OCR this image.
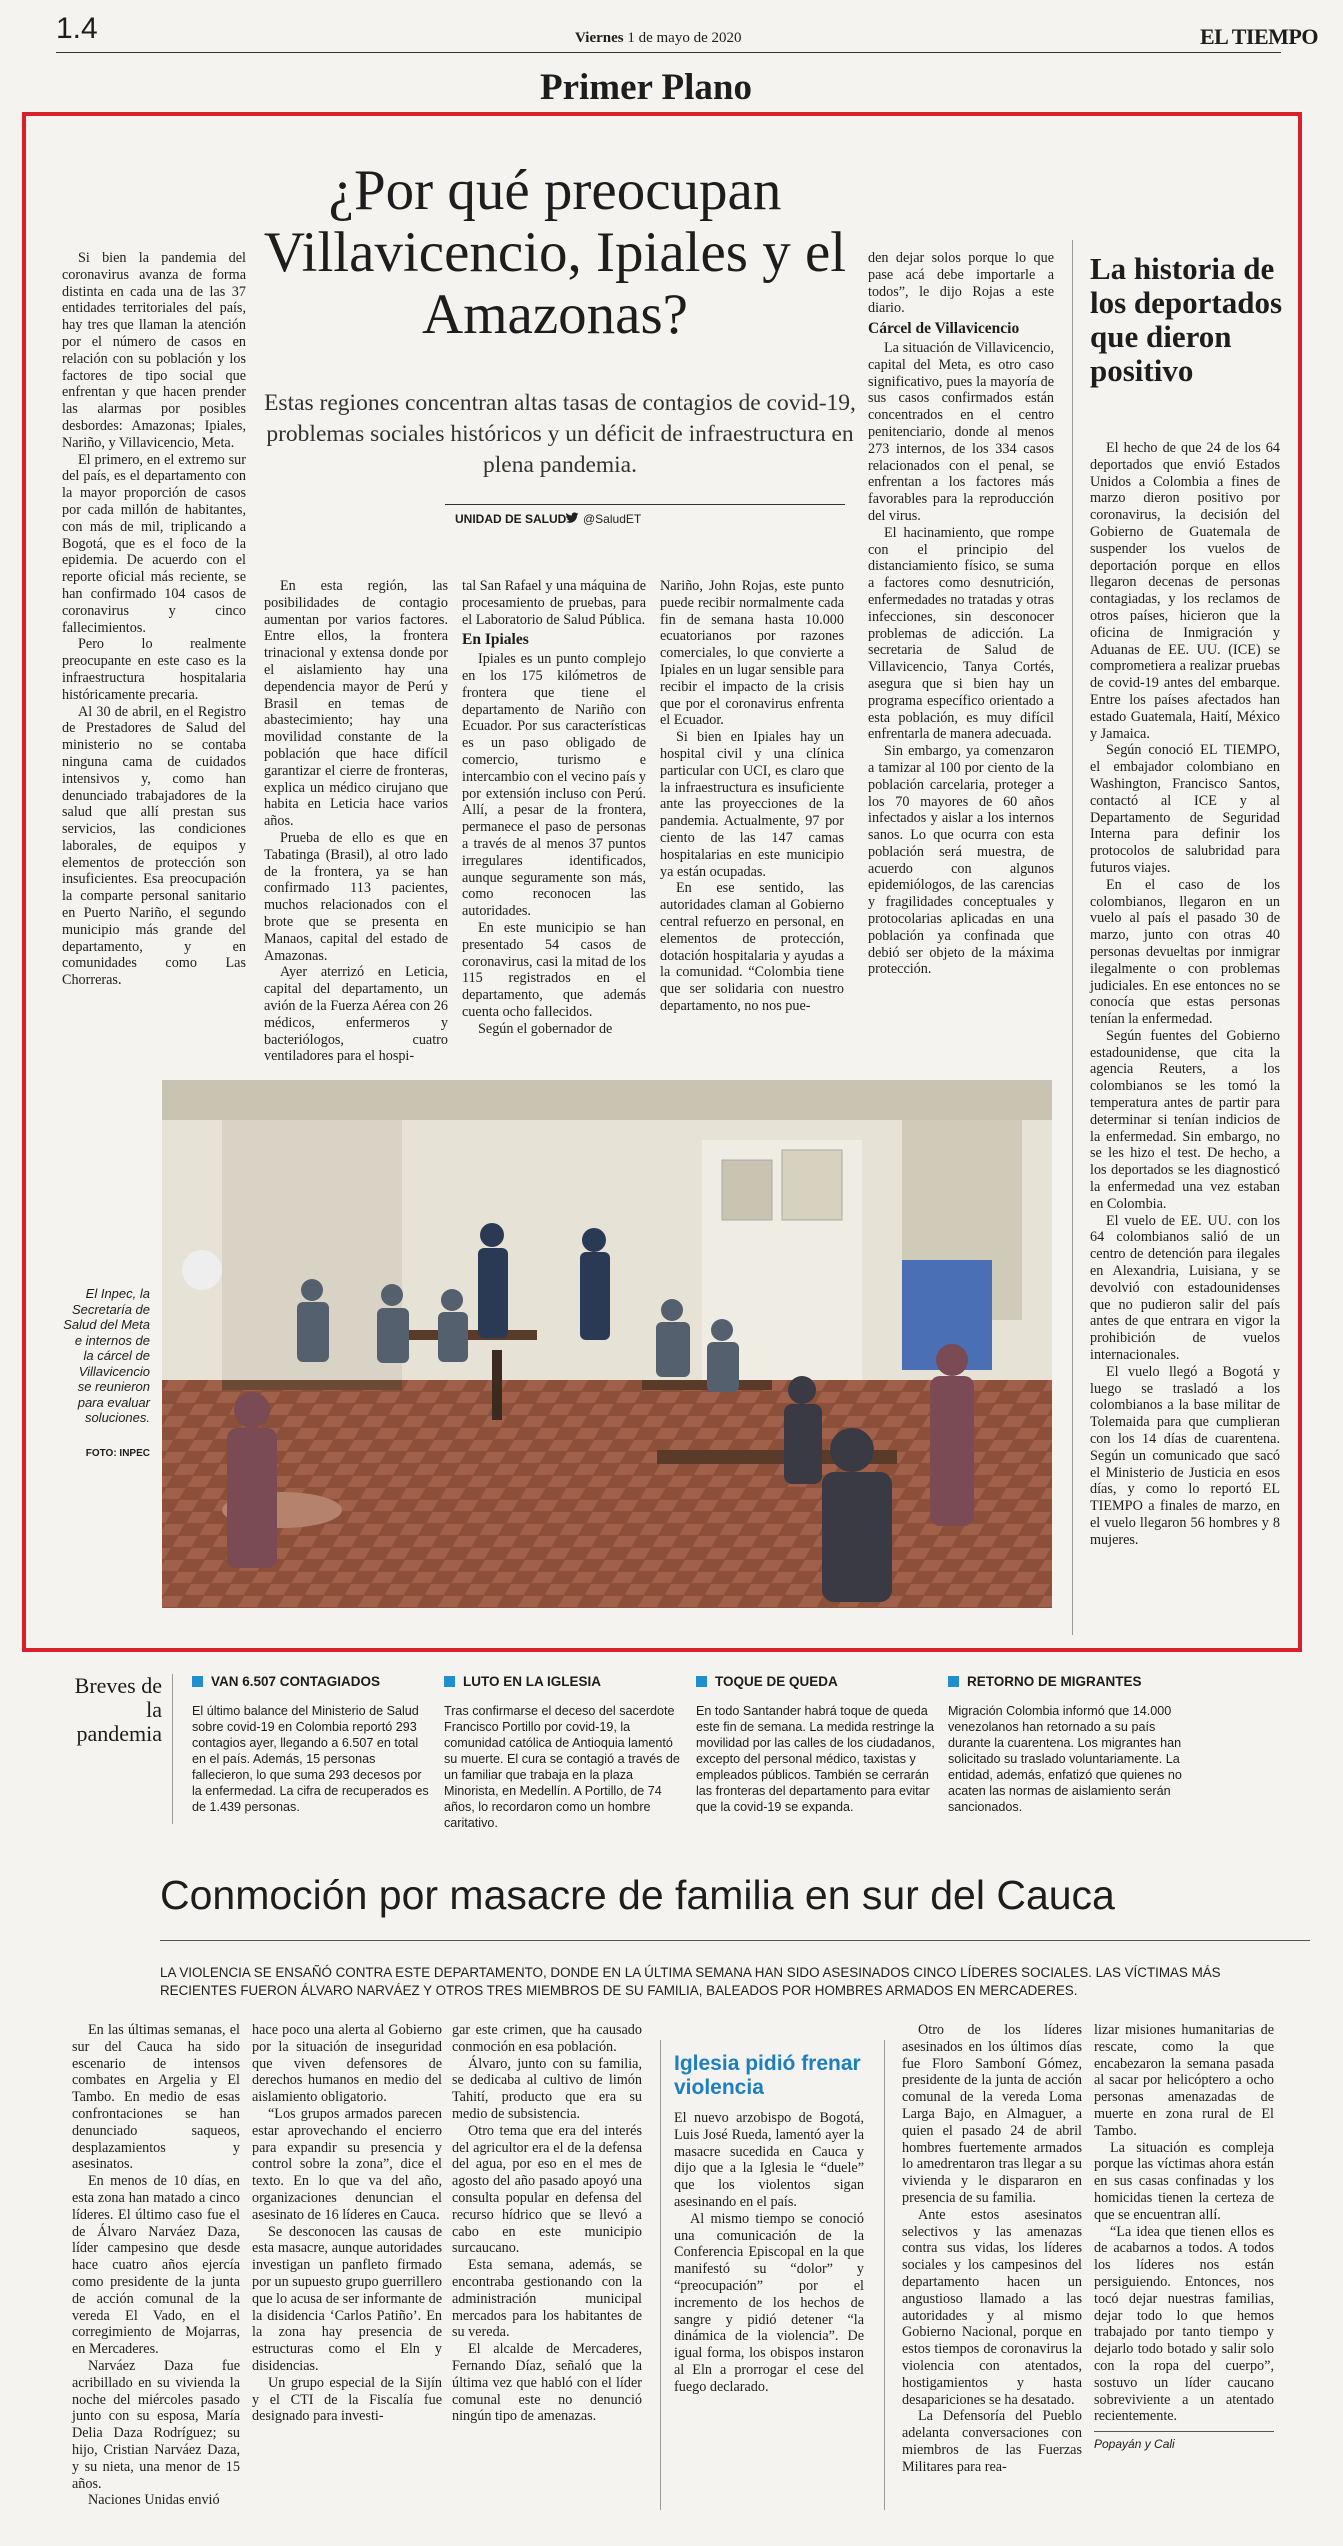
1.4	Viernes 1 de mayo de 2020	EL TIEMPO
Primer Plano
¿Por qué preocupan Villavicencio, Ipiales y el Amazonas?
Estas regiones concentran altas tasas de contagios de covid-19, problemas sociales históricos y un déficit de infraestructura en plena pandemia.
UNIDAD DE SALUD @SaludET

Si bien la pandemia del coronavirus avanza de forma distinta en cada una de las 37 entidades territoriales del país, hay tres que llaman la atención por el número de casos en relación con su población y los factores de tipo social que enfrentan y que hacen prender las alarmas por posibles desbordes: Amazonas; Ipiales, Nariño, y Villavicencio, Meta.

El primero, en el extremo sur del país, es el departamento con la mayor proporción de casos por cada millón de habitantes, con más de mil, triplicando a Bogotá, que es el foco de la epidemia. De acuerdo con el reporte oficial más reciente, se han confirmado 104 casos de coronavirus y cinco fallecimientos.

Pero lo realmente preocupante en este caso es la infraestructura hospitalaria históricamente precaria.

Al 30 de abril, en el Registro de Prestadores de Salud del ministerio no se contaba ninguna cama de cuidados intensivos y, como han denunciado trabajadores de la salud que allí prestan sus servicios, las condiciones laborales, de equipos y elementos de protección son insuficientes. Esa preocupación la comparte personal sanitario en Puerto Nariño, el segundo municipio más grande del departamento, y en comunidades como Las Chorreras.

En esta región, las posibilidades de contagio aumentan por varios factores. Entre ellos, la frontera trinacional y extensa donde por el aislamiento hay una dependencia mayor de Perú y Brasil en temas de abastecimiento; hay una movilidad constante de la población que hace difícil garantizar el cierre de fronteras, explica un médico cirujano que habita en Leticia hace varios años.

Prueba de ello es que en Tabatinga (Brasil), al otro lado de la frontera, ya se han confirmado 113 pacientes, muchos relacionados con el brote que se presenta en Manaos, capital del estado de Amazonas.

Ayer aterrizó en Leticia, capital del departamento, un avión de la Fuerza Aérea con 26 médicos, enfermeros y bacteriólogos, cuatro ventiladores para el hospi-

tal San Rafael y una máquina de procesamiento de pruebas, para el Laboratorio de Salud Pública.

En Ipiales

Ipiales es un punto complejo en los 175 kilómetros de frontera que tiene el departamento de Nariño con Ecuador. Por sus características es un paso obligado de comercio, turismo e intercambio con el vecino país y por extensión incluso con Perú. Allí, a pesar de la frontera, permanece el paso de personas a través de al menos 37 puntos irregulares identificados, aunque seguramente son más, como reconocen las autoridades.

En este municipio se han presentado 54 casos de coronavirus, casi la mitad de los 115 registrados en el departamento, que además cuenta ocho fallecidos.

Según el gobernador de

Nariño, John Rojas, este punto puede recibir normalmente cada fin de semana hasta 10.000 ecuatorianos por razones comerciales, lo que convierte a Ipiales en un lugar sensible para recibir el impacto de la crisis que por el coronavirus enfrenta el Ecuador.

Si bien en Ipiales hay un hospital civil y una clínica particular con UCI, es claro que la infraestructura es insuficiente ante las proyecciones de la pandemia. Actualmente, 97 por ciento de las 147 camas hospitalarias en este municipio ya están ocupadas.

En ese sentido, las autoridades claman al Gobierno central refuerzo en personal, en elementos de protección, dotación hospitalaria y ayudas a la comunidad. “Colombia tiene que ser solidaria con nuestro departamento, no nos pue-

den dejar solos porque lo que pase acá debe importarle a todos”, le dijo Rojas a este diario.

Cárcel de Villavicencio

La situación de Villavicencio, capital del Meta, es otro caso significativo, pues la mayoría de sus casos confirmados están concentrados en el centro penitenciario, donde al menos 273 internos, de los 334 casos relacionados con el penal, se enfrentan a los factores más favorables para la reproducción del virus.

El hacinamiento, que rompe con el principio del distanciamiento físico, se suma a factores como desnutrición, enfermedades no tratadas y otras infecciones, sin desconocer problemas de adicción. La secretaria de Salud de Villavicencio, Tanya Cortés, asegura que si bien hay un programa específico orientado a esta población, es muy difícil enfrentarla de manera adecuada.

Sin embargo, ya comenzaron a tamizar al 100 por ciento de la población carcelaria, proteger a los 70 mayores de 60 años infectados y aislar a los internos sanos. Lo que ocurra con esta población será muestra, de acuerdo con algunos epidemiólogos, de las carencias y fragilidades conceptuales y protocolarias aplicadas en una población ya confinada que debió ser objeto de la máxima protección.

La historia de los deportados que dieron positivo

El hecho de que 24 de los 64 deportados que envió Estados Unidos a Colombia a fines de marzo dieron positivo por coronavirus, la decisión del Gobierno de Guatemala de suspender los vuelos de deportación porque en ellos llegaron decenas de personas contagiadas, y los reclamos de otros países, hicieron que la oficina de Inmigración y Aduanas de EE. UU. (ICE) se comprometiera a realizar pruebas de covid-19 antes del embarque. Entre los países afectados han estado Guatemala, Haití, México y Jamaica.

Según conoció EL TIEMPO, el embajador colombiano en Washington, Francisco Santos, contactó al ICE y al Departamento de Seguridad Interna para definir los protocolos de salubridad para futuros viajes.

En el caso de los colombianos, llegaron en un vuelo al país el pasado 30 de marzo, junto con otras 40 personas devueltas por inmigrar ilegalmente o con problemas judiciales. En ese entonces no se conocía que estas personas tenían la enfermedad.

Según fuentes del Gobierno estadounidense, que cita la agencia Reuters, a los colombianos se les tomó la temperatura antes de partir para determinar si tenían indicios de la enfermedad. Sin embargo, no se les hizo el test. De hecho, a los deportados se les diagnosticó la enfermedad una vez estaban en Colombia.

El vuelo de EE. UU. con los 64 colombianos salió de un centro de detención para ilegales en Alexandria, Luisiana, y se devolvió con estadounidenses que no pudieron salir del país antes de que entrara en vigor la prohibición de vuelos internacionales.

El vuelo llegó a Bogotá y luego se trasladó a los colombianos a la base militar de Tolemaida para que cumplieran con los 14 días de cuarentena. Según un comunicado que sacó el Ministerio de Justicia en esos días, y como lo reportó EL TIEMPO a finales de marzo, en el vuelo llegaron 56 hombres y 8 mujeres.

El Inpec, la Secretaría de Salud del Meta e internos de la cárcel de Villavicencio se reunieron para evaluar soluciones.
FOTO: INPEC
Breves de la pandemia
VAN 6.507 CONTAGIADOS
El último balance del Ministerio de Salud sobre covid-19 en Colombia reportó 293 contagios ayer, llegando a 6.507 en total en el país. Además, 15 personas fallecieron, lo que suma 293 decesos por la enfermedad. La cifra de recuperados es de 1.439 personas.
LUTO EN LA IGLESIA
Tras confirmarse el deceso del sacerdote Francisco Portillo por covid-19, la comunidad católica de Antioquia lamentó su muerte. El cura se contagió a través de un familiar que trabaja en la plaza Minorista, en Medellín. A Portillo, de 74 años, lo recordaron como un hombre caritativo.
TOQUE DE QUEDA
En todo Santander habrá toque de queda este fin de semana. La medida restringe la movilidad por las calles de los ciudadanos, excepto del personal médico, taxistas y empleados públicos. También se cerrarán las fronteras del departamento para evitar que la covid-19 se expanda.
RETORNO DE MIGRANTES
Migración Colombia informó que 14.000 venezolanos han retornado a su país durante la cuarentena. Los migrantes han solicitado su traslado voluntariamente. La entidad, además, enfatizó que quienes no acaten las normas de aislamiento serán sancionados.
Conmoción por masacre de familia en sur del Cauca
LA VIOLENCIA SE ENSAÑÓ CONTRA ESTE DEPARTAMENTO, DONDE EN LA ÚLTIMA SEMANA HAN SIDO ASESINADOS CINCO LÍDERES SOCIALES. LAS VÍCTIMAS MÁS RECIENTES FUERON ÁLVARO NARVÁEZ Y OTROS TRES MIEMBROS DE SU FAMILIA, BALEADOS POR HOMBRES ARMADOS EN MERCADERES.

En las últimas semanas, el sur del Cauca ha sido escenario de intensos combates en Argelia y El Tambo. En medio de esas confrontaciones se han denunciado saqueos, desplazamientos y asesinatos.

En menos de 10 días, en esta zona han matado a cinco líderes. El último caso fue el de Álvaro Narváez Daza, líder campesino que desde hace cuatro años ejercía como presidente de la junta de acción comunal de la vereda El Vado, en el corregimiento de Mojarras, en Mercaderes.

Narváez Daza fue acribillado en su vivienda la noche del miércoles pasado junto con su esposa, María Delia Daza Rodríguez; su hijo, Cristian Narváez Daza, y su nieta, una menor de 15 años.

Naciones Unidas envió

hace poco una alerta al Gobierno por la situación de inseguridad que viven defensores de derechos humanos en medio del aislamiento obligatorio.

“Los grupos armados parecen estar aprovechando el encierro para expandir su presencia y control sobre la zona”, dice el texto. En lo que va del año, organizaciones denuncian el asesinato de 16 líderes en Cauca.

Se desconocen las causas de esta masacre, aunque autoridades investigan un panfleto firmado por un supuesto grupo guerrillero que lo acusa de ser informante de la disidencia ‘Carlos Patiño’. En la zona hay presencia de estructuras como el Eln y disidencias.

Un grupo especial de la Sijín y el CTI de la Fiscalía fue designado para investi-

gar este crimen, que ha causado conmoción en esa población.

Álvaro, junto con su familia, se dedicaba al cultivo de limón Tahití, producto que era su medio de subsistencia.

Otro tema que era del interés del agricultor era el de la defensa del agua, por eso en el mes de agosto del año pasado apoyó una consulta popular en defensa del recurso hídrico que se llevó a cabo en este municipio surcaucano.

Esta semana, además, se encontraba gestionando con la administración municipal mercados para los habitantes de su vereda.

El alcalde de Mercaderes, Fernando Díaz, señaló que la última vez que habló con el líder comunal este no denunció ningún tipo de amenazas.

Iglesia pidió frenar violencia

El nuevo arzobispo de Bogotá, Luis José Rueda, lamentó ayer la masacre sucedida en Cauca y dijo que a la Iglesia le “duele” que los violentos sigan asesinando en el país.

Al mismo tiempo se conoció una comunicación de la Conferencia Episcopal en la que manifestó su “dolor” y “preocupación” por el incremento de los hechos de sangre y pidió detener “la dinámica de la violencia”. De igual forma, los obispos instaron al Eln a prorrogar el cese del fuego declarado.

Otro de los líderes asesinados en los últimos días fue Floro Samboní Gómez, presidente de la junta de acción comunal de la vereda Loma Larga Bajo, en Almaguer, a quien el pasado 24 de abril hombres fuertemente armados lo amedrentaron tras llegar a su vivienda y le dispararon en presencia de su familia.

Ante estos asesinatos selectivos y las amenazas contra sus vidas, los líderes sociales y los campesinos del departamento hacen un angustioso llamado a las autoridades y al mismo Gobierno Nacional, porque en estos tiempos de coronavirus la violencia con atentados, hostigamientos y hasta desapariciones se ha desatado.

La Defensoría del Pueblo adelanta conversaciones con miembros de las Fuerzas Militares para rea-

lizar misiones humanitarias de rescate, como la que encabezaron la semana pasada al sacar por helicóptero a ocho personas amenazadas de muerte en zona rural de El Tambo.

La situación es compleja porque las víctimas ahora están en sus casas confinadas y los homicidas tienen la certeza de que se encuentran allí.

“La idea que tienen ellos es de acabarnos a todos. A todos los líderes nos están persiguiendo. Entonces, nos tocó dejar nuestras familias, dejar todo lo que hemos trabajado por tanto tiempo y dejarlo todo botado y salir solo con la ropa del cuerpo”, sostuvo un líder caucano sobreviviente a un atentado recientemente.

Popayán y Cali
